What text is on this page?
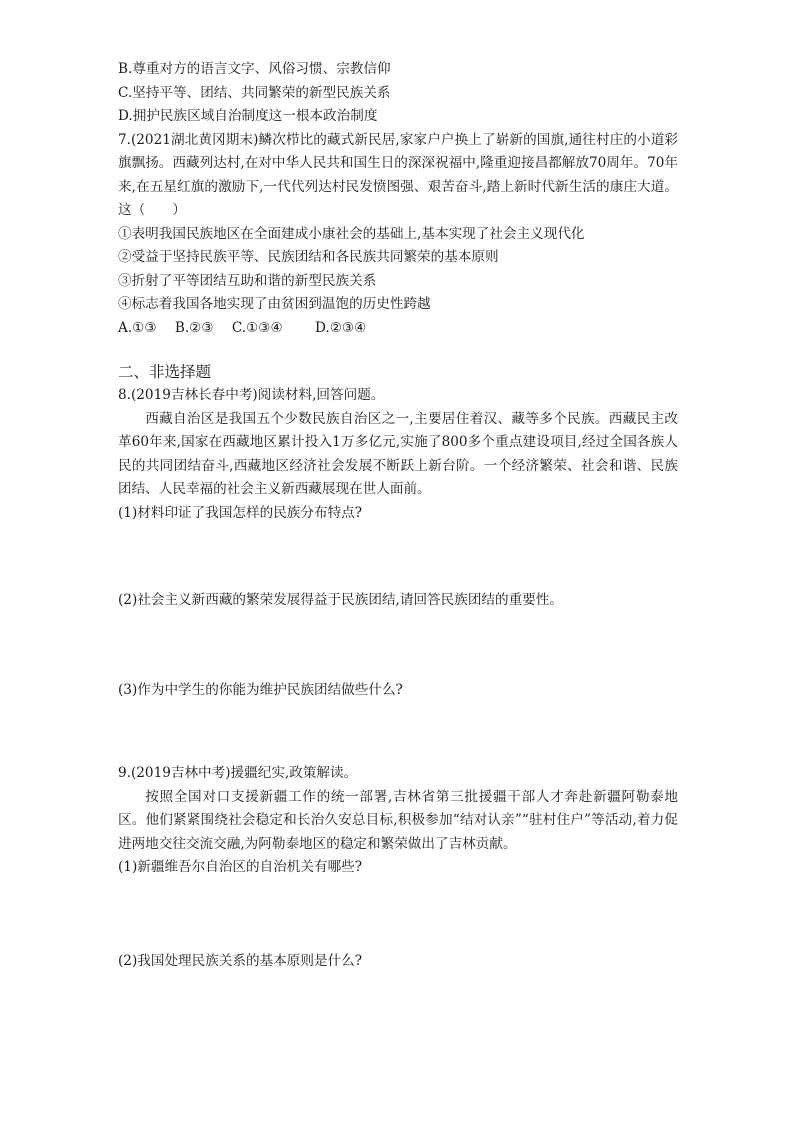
B.尊重对方的语言文字、风俗习惯、宗教信仰
C.坚持平等、团结、共同繁荣的新型民族关系
D.拥护民族区域自治制度这一根本政治制度
7.(2021湖北黄冈期末)鳞次栉比的藏式新民居,家家户户换上了崭新的国旗,通往村庄的小道彩旗飘扬。西藏列达村,在对中华人民共和国生日的深深祝福中,隆重迎接昌都解放70周年。70年来,在五星红旗的激励下,一代代列达村民发愤图强、艰苦奋斗,踏上新时代新生活的康庄大道。这（　　）
①表明我国民族地区在全面建成小康社会的基础上,基本实现了社会主义现代化
②受益于坚持民族平等、民族团结和各民族共同繁荣的基本原则
③折射了平等团结互助和谐的新型民族关系
④标志着我国各地实现了由贫困到温饱的历史性跨越
A.①③ B.②③ C.①③④ D.②③④
二、非选择题
8.(2019吉林长春中考)阅读材料,回答问题。
西藏自治区是我国五个少数民族自治区之一,主要居住着汉、藏等多个民族。西藏民主改革60年来,国家在西藏地区累计投入1万多亿元,实施了800多个重点建设项目,经过全国各族人民的共同团结奋斗,西藏地区经济社会发展不断跃上新台阶。一个经济繁荣、社会和谐、民族团结、人民幸福的社会主义新西藏展现在世人面前。
(1)材料印证了我国怎样的民族分布特点?
(2)社会主义新西藏的繁荣发展得益于民族团结,请回答民族团结的重要性。
(3)作为中学生的你能为维护民族团结做些什么?
9.(2019吉林中考)援疆纪实,政策解读。
按照全国对口支援新疆工作的统一部署,吉林省第三批援疆干部人才奔赴新疆阿勒泰地区。他们紧紧围绕社会稳定和长治久安总目标,积极参加“结对认亲”“驻村住户”等活动,着力促进两地交往交流交融,为阿勒泰地区的稳定和繁荣做出了吉林贡献。
(1)新疆维吾尔自治区的自治机关有哪些?
(2)我国处理民族关系的基本原则是什么?
